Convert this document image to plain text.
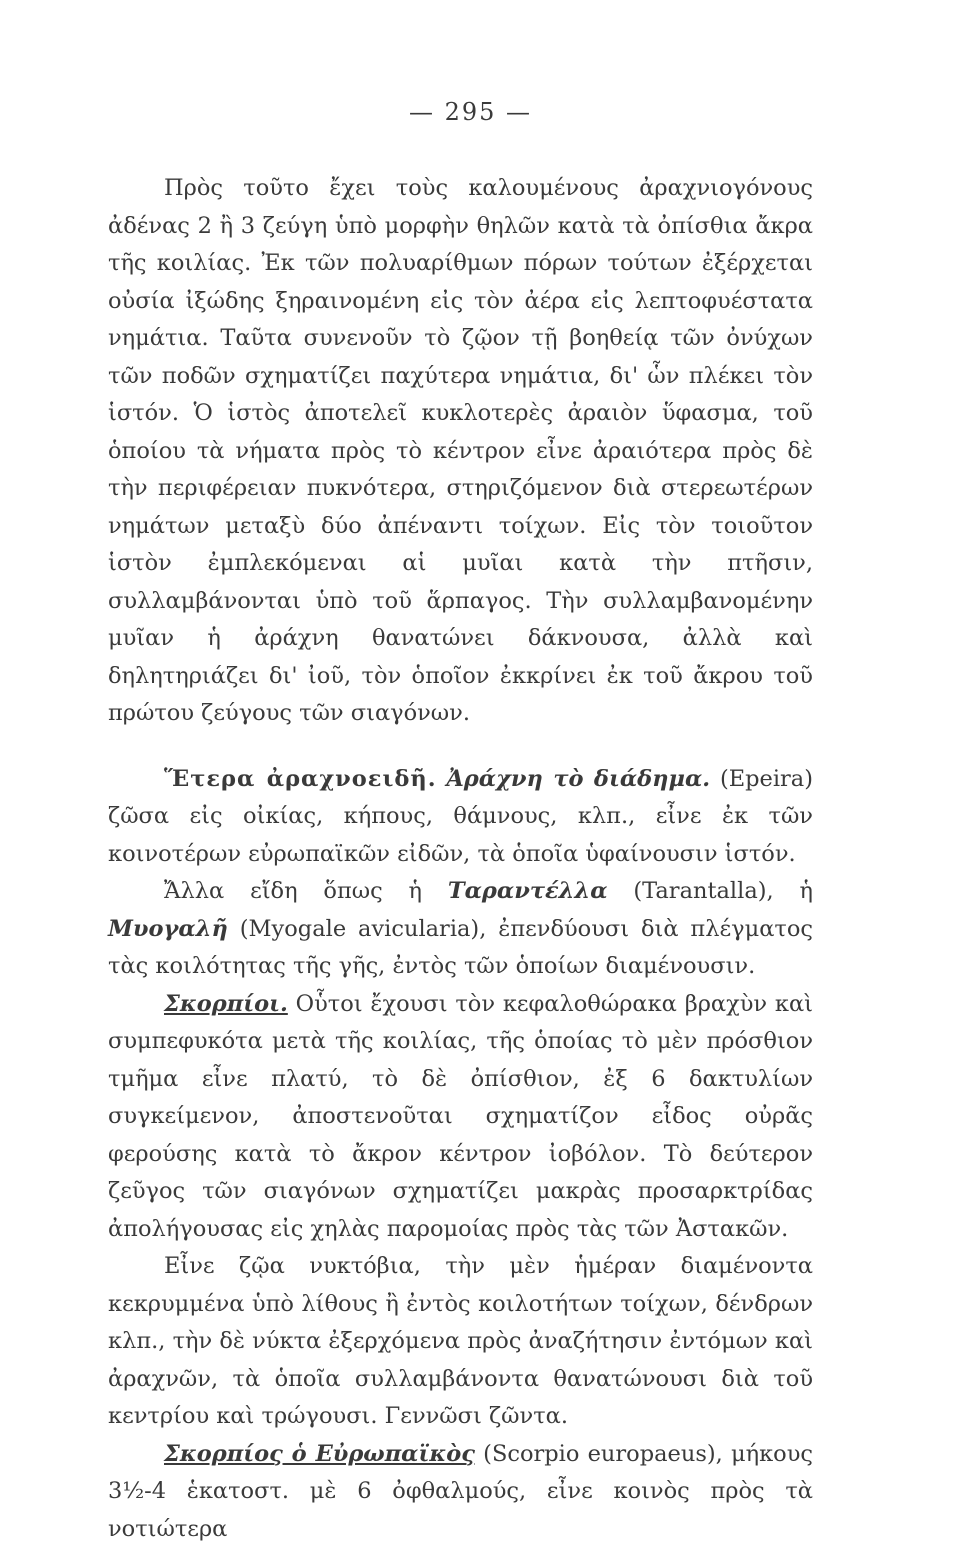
— 295 —

Πρὸς τοῦτο ἔχει τοὺς καλουμένους ἀραχνιογόνους ἀδένας 2 ἢ 3 ζεύγη ὑπὸ μορφὴν θηλῶν κατὰ τὰ ὀπίσθια ἄκρα τῆς κοιλίας. Ἐκ τῶν πολυαρίθμων πόρων τούτων ἐξέρχεται οὐσία ἰξώδης ξηραινομένη εἰς τὸν ἀέρα εἰς λεπτοφυέστατα νημάτια. Ταῦτα συνενοῦν τὸ ζῷον τῇ βοηθείᾳ τῶν ὀνύχων τῶν ποδῶν σχηματίζει παχύτερα νημάτια, δι' ὧν πλέκει τὸν ἱστόν. Ὁ ἱστὸς ἀποτελεῖ κυκλοτερὲς ἀραιὸν ὕφασμα, τοῦ ὁποίου τὰ νήματα πρὸς τὸ κέντρον εἶνε ἀραιότερα πρὸς δὲ τὴν περιφέρειαν πυκνότερα, στηριζόμενον διὰ στερεωτέρων νημάτων μεταξὺ δύο ἀπέναντι τοίχων. Εἰς τὸν τοιοῦτον ἱστὸν ἐμπλεκόμεναι αἱ μυῖαι κατὰ τὴν πτῆσιν, συλλαμβάνονται ὑπὸ τοῦ ἅρπαγος. Τὴν συλλαμβανομένην μυῖαν ἡ ἀράχνη θανατώνει δάκνουσα, ἀλλὰ καὶ δηλητηριάζει δι' ἰοῦ, τὸν ὁποῖον ἐκκρίνει ἐκ τοῦ ἄκρου τοῦ πρώτου ζεύγους τῶν σιαγόνων.

Ἕτερα ἀραχνοειδῆ. Ἀράχνη τὸ διάδημα. (Epeira) ζῶσα εἰς οἰκίας, κήπους, θάμνους, κλπ., εἶνε ἐκ τῶν κοινοτέρων εὐρωπαϊκῶν εἰδῶν, τὰ ὁποῖα ὑφαίνουσιν ἱστόν.

Ἄλλα εἴδη ὅπως ἡ Ταραντέλλα (Tarantalla), ἡ Μυογαλῆ (Myogale avicularia), ἐπενδύουσι διὰ πλέγματος τὰς κοιλότητας τῆς γῆς, ἐντὸς τῶν ὁποίων διαμένουσιν.

Σκορπίοι. Οὗτοι ἔχουσι τὸν κεφαλοθώρακα βραχὺν καὶ συμπεφυκότα μετὰ τῆς κοιλίας, τῆς ὁποίας τὸ μὲν πρόσθιον τμῆμα εἶνε πλατύ, τὸ δὲ ὀπίσθιον, ἐξ 6 δακτυλίων συγκείμενον, ἀποστενοῦται σχηματίζον εἶδος οὐρᾶς φερούσης κατὰ τὸ ἄκρον κέντρον ἰοβόλον. Τὸ δεύτερον ζεῦγος τῶν σιαγόνων σχηματίζει μακρὰς προσαρκτρίδας ἀπολήγουσας εἰς χηλὰς παρομοίας πρὸς τὰς τῶν Ἀστακῶν.

Εἶνε ζῷα νυκτόβια, τὴν μὲν ἡμέραν διαμένοντα κεκρυμμένα ὑπὸ λίθους ἢ ἐντὸς κοιλοτήτων τοίχων, δένδρων κλπ., τὴν δὲ νύκτα ἐξερχόμενα πρὸς ἀναζήτησιν ἐντόμων καὶ ἀραχνῶν, τὰ ὁποῖα συλλαμβάνοντα θανατώνουσι διὰ τοῦ κεντρίου καὶ τρώγουσι. Γεννῶσι ζῶντα.

Σκορπίος ὁ Εὐρωπαϊκὸς (Scorpio europaeus), μήκους 3½-4 ἑκατοστ. μὲ 6 ὀφθαλμούς, εἶνε κοινὸς πρὸς τὰ νοτιώτερα
